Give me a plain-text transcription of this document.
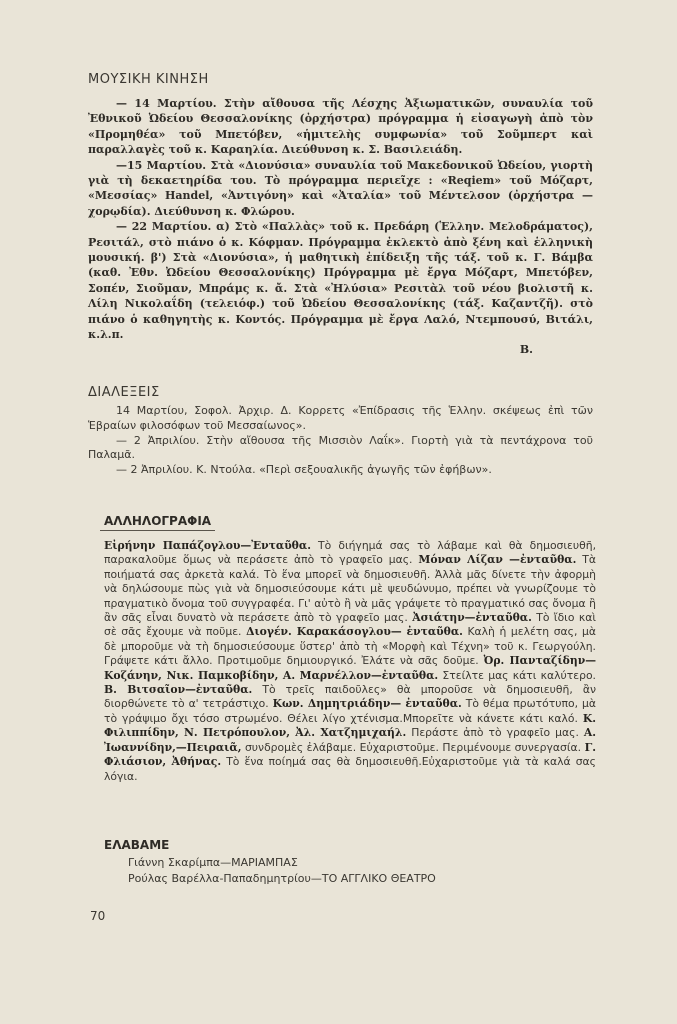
ΜΟΥΣΙΚΗ ΚΙΝΗΣΗ

— 14 Μαρτίου. Στὴν αἴθουσα τῆς Λέσχης Ἀξιωματικῶν, συναυλία τοῦ Ἐθνικοῦ Ὠδείου Θεσσαλονίκης (ὀρχήστρα) πρόγραμμα ἡ εἰσαγωγὴ ἀπὸ τὸν «Προμηθέα» τοῦ Μπετόβεν, «ἡμιτελὴς συμφωνία» τοῦ Σοῦμπερτ καὶ παραλλαγὲς τοῦ κ. Καραηλία. Διεύθυνση κ. Σ. Βασιλειάδη.

—15 Μαρτίου. Στὰ «Διονύσια» συναυλία τοῦ Μακεδονικοῦ Ὠδείου, γιορτὴ γιὰ τὴ δεκαετηρίδα του. Τὸ πρόγραμμα περιεῖχε : «Reqiem» τοῦ Μόζαρτ, «Μεσσίας» Handel, «Ἀντιγόνη» καὶ «Ἀταλία» τοῦ Μέντελσον (ὀρχήστρα —χορῳδία). Διεύθυνση κ. Φλώρου.

— 22 Μαρτίου. α) Στὸ «Παλλὰς» τοῦ κ. Πρεδάρη (Ἑλλην. Μελοδράματος), Ρεσιτάλ, στὸ πιάνο ὁ κ. Κόφμαν. Πρόγραμμα ἐκλεκτὸ ἀπὸ ξένη καὶ ἑλληνικὴ μουσική. β') Στὰ «Διονύσια», ἡ μαθητικὴ ἐπίδειξη τῆς τάξ. τοῦ κ. Γ. Βάμβα (καθ. Ἐθν. Ὠδείου Θεσσαλονίκης) Πρόγραμμα μὲ ἔργα Μόζαρτ, Μπετόβεν, Σοπέν, Σιοῦμαν, Μπράμς κ. ἄ. Στὰ «Ἠλύσια» Ρεσιτὰλ τοῦ νέου βιολιστῆ κ. Λίλη Νικολαΐδη (τελειόφ.) τοῦ Ὠδείου Θεσσαλονίκης (τάξ. Καζαντζῆ). στὸ πιάνο ὁ καθηγητὴς κ. Κοντός. Πρόγραμμα μὲ ἔργα Λαλό, Ντεμπουσύ, Βιτάλι, κ.λ.π.

Β.
ΔΙΑΛΕΞΕΙΣ

14 Μαρτίου, Σοφολ. Ἀρχιρ. Δ. Κορρετς «Ἐπίδρασις τῆς Ἑλλην. σκέψεως ἐπὶ τῶν Ἑβραίων φιλοσόφων τοῦ Μεσσαίωνος».

— 2 Ἀπριλίου. Στὴν αἴθουσα τῆς Μισσιὸν Λαΐκ». Γιορτὴ γιὰ τὰ πεντάχρονα τοῦ Παλαμᾶ.

— 2 Ἀπριλίου. Κ. Ντούλα. «Περὶ σεξουαλικῆς ἀγωγῆς τῶν ἐφήβων».

ΑΛΛΗΛΟΓΡΑΦΙΑ

Εἰρήνην Παπάζογλου—Ἐνταῦθα. Τὸ διήγημά σας τὸ λάβαμε καὶ θὰ δημοσιευθῆ, παρακαλοῦμε ὅμως νὰ περάσετε ἀπὸ τὸ γραφεῖο μας. Μόναν Λίζαν —ἐνταῦθα. Τὰ ποιήματά σας ἀρκετὰ καλά. Τὸ ἕνα μπορεῖ νὰ δημοσιευθῆ. Ἀλλὰ μᾶς δίνετε τὴν ἀφορμὴ νὰ δηλώσουμε πὼς γιὰ νὰ δημοσιεύσουμε κάτι μὲ ψευδώνυμο, πρέπει νὰ γνωρίζουμε τὸ πραγματικὸ ὄνομα τοῦ συγγραφέα. Γι' αὐτὸ ἢ νὰ μᾶς γράψετε τὸ πραγματικό σας ὄνομα ἢ ἂν σᾶς εἶναι δυνατὸ νὰ περάσετε ἀπὸ τὸ γραφεῖο μας. Ἀσιάτην—ἐνταῦθα. Τὸ ἴδιο καὶ σὲ σᾶς ἔχουμε νὰ ποῦμε. Διογέν. Καρακάσογλου— ἐνταῦθα. Καλὴ ἡ μελέτη σας, μὰ δὲ μποροῦμε νὰ τὴ δημοσιεύσουμε ὕστερ' ἀπὸ τὴ «Μορφὴ καὶ Τέχνη» τοῦ κ. Γεωργούλη. Γράψετε κάτι ἄλλο. Προτιμοῦμε δημιουργικό. Ἐλάτε νὰ σᾶς δοῦμε. Ὀρ. Πανταζίδην—Κοζάνην, Νικ. Παμκοβίδην, Α. Μαρνέλλον—ἐνταῦθα. Στείλτε μας κάτι καλύτερο. Β. Βιτσαῖον—ἐνταῦθα. Τὸ τρεῖς παιδοῦλες» θὰ μποροῦσε νὰ δημοσιευθῆ, ἂν διορθώνετε τὸ α' τετράστιχο. Κων. Δημητριάδην— ἐνταῦθα. Τὸ θέμα πρωτότυπο, μὰ τὸ γράψιμο ὄχι τόσο στρωμένο. Θέλει λίγο χτένισμα.Μπορεῖτε νὰ κάνετε κάτι καλό. Κ. Φιλιππίδην, Ν. Πετρόπουλον, Ἀλ. Χατζημιχαήλ. Περάστε ἀπὸ τὸ γραφεῖο μας. Α. Ἰωαννίδην,—Πειραιᾶ, συνδρομὲς ἐλάβαμε. Εὐχαριστοῦμε. Περιμένουμε συνεργασία. Γ. Φλιάσιον, Ἀθήνας. Τὸ ἕνα ποίημά σας θὰ δημοσιευθῆ.Εὐχαριστοῦμε γιὰ τὰ καλά σας λόγια.

ΕΛΑΒΑΜΕ
Γιάννη Σκαρίμπα—ΜΑΡΙΑΜΠΑΣ
Ρούλας Βαρέλλα-Παπαδημητρίου—ΤΟ ΑΓΓΛΙΚΟ ΘΕΑΤΡΟ
70
